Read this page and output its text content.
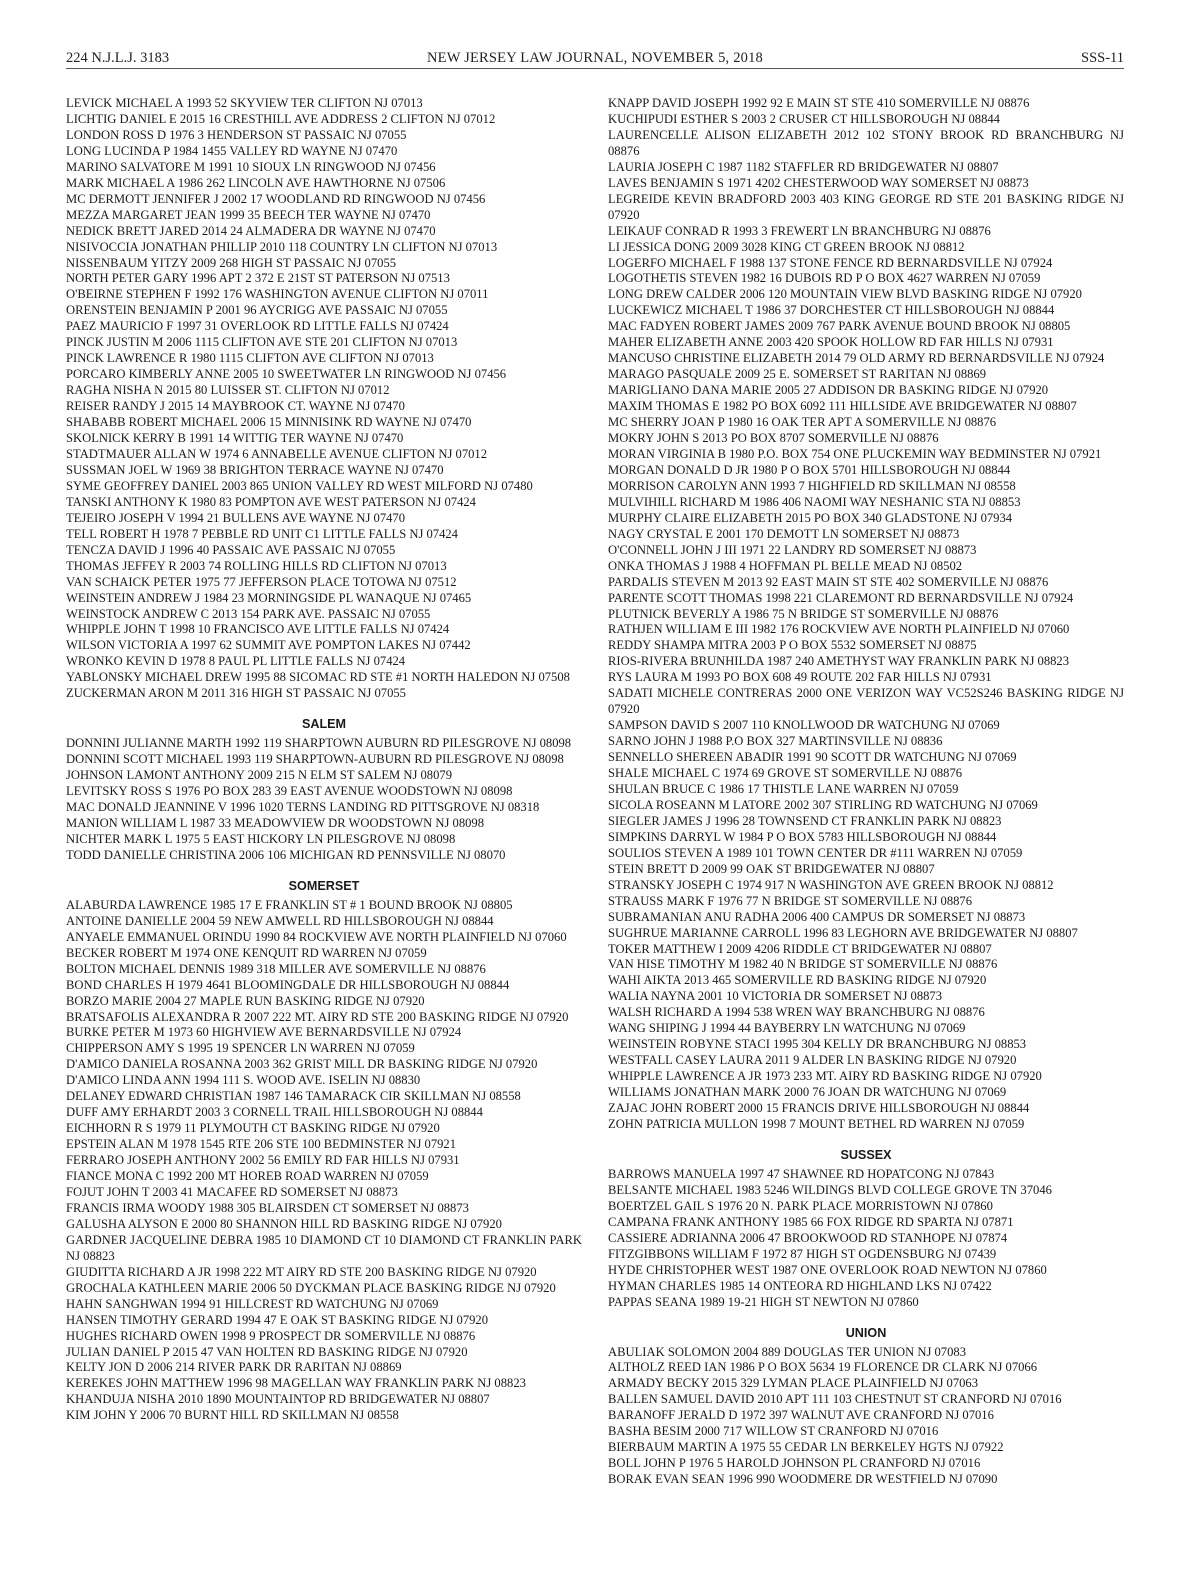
224 N.J.L.J. 3183	NEW JERSEY LAW JOURNAL, NOVEMBER 5, 2018	SSS-11
LEVICK MICHAEL A 1993 52 SKYVIEW TER CLIFTON NJ 07013
LICHTIG DANIEL E 2015 16 CRESTHILL AVE ADDRESS 2 CLIFTON NJ 07012
LONDON ROSS D 1976 3 HENDERSON ST PASSAIC NJ 07055
LONG LUCINDA P 1984 1455 VALLEY RD WAYNE NJ 07470
MARINO SALVATORE M 1991 10 SIOUX LN RINGWOOD NJ 07456
MARK MICHAEL A 1986 262 LINCOLN AVE HAWTHORNE NJ 07506
MC DERMOTT JENNIFER J 2002 17 WOODLAND RD RINGWOOD NJ 07456
MEZZA MARGARET JEAN 1999 35 BEECH TER WAYNE NJ 07470
NEDICK BRETT JARED 2014 24 ALMADERA DR WAYNE NJ 07470
NISIVOCCIA JONATHAN PHILLIP 2010 118 COUNTRY LN CLIFTON NJ 07013
NISSENBAUM YITZY 2009 268 HIGH ST PASSAIC NJ 07055
NORTH PETER GARY 1996 APT 2 372 E 21ST ST PATERSON NJ 07513
O'BEIRNE STEPHEN F 1992 176 WASHINGTON AVENUE CLIFTON NJ 07011
ORENSTEIN BENJAMIN P 2001 96 AYCRIGG AVE PASSAIC NJ 07055
PAEZ MAURICIO F 1997 31 OVERLOOK RD LITTLE FALLS NJ 07424
PINCK JUSTIN M 2006 1115 CLIFTON AVE STE 201 CLIFTON NJ 07013
PINCK LAWRENCE R 1980 1115 CLIFTON AVE CLIFTON NJ 07013
PORCARO KIMBERLY ANNE 2005 10 SWEETWATER LN RINGWOOD NJ 07456
RAGHA NISHA N 2015 80 LUISSER ST. CLIFTON NJ 07012
REISER RANDY J 2015 14 MAYBROOK CT. WAYNE NJ 07470
SHABABB ROBERT MICHAEL 2006 15 MINNISINK RD WAYNE NJ 07470
SKOLNICK KERRY B 1991 14 WITTIG TER WAYNE NJ 07470
STADTMAUER ALLAN W 1974 6 ANNABELLE AVENUE CLIFTON NJ 07012
SUSSMAN JOEL W 1969 38 BRIGHTON TERRACE WAYNE NJ 07470
SYME GEOFFREY DANIEL 2003 865 UNION VALLEY RD WEST MILFORD NJ 07480
TANSKI ANTHONY K 1980 83 POMPTON AVE WEST PATERSON NJ 07424
TEJEIRO JOSEPH V 1994 21 BULLENS AVE WAYNE NJ 07470
TELL ROBERT H 1978 7 PEBBLE RD UNIT C1 LITTLE FALLS NJ 07424
TENCZA DAVID J 1996 40 PASSAIC AVE PASSAIC NJ 07055
THOMAS JEFFEY R 2003 74 ROLLING HILLS RD CLIFTON NJ 07013
VAN SCHAICK PETER 1975 77 JEFFERSON PLACE TOTOWA NJ 07512
WEINSTEIN ANDREW J 1984 23 MORNINGSIDE PL WANAQUE NJ 07465
WEINSTOCK ANDREW C 2013 154 PARK AVE. PASSAIC NJ 07055
WHIPPLE JOHN T 1998 10 FRANCISCO AVE LITTLE FALLS NJ 07424
WILSON VICTORIA A 1997 62 SUMMIT AVE POMPTON LAKES NJ 07442
WRONKO KEVIN D 1978 8 PAUL PL LITTLE FALLS NJ 07424
YABLONSKY MICHAEL DREW 1995 88 SICOMAC RD STE #1 NORTH HALEDON NJ 07508
ZUCKERMAN ARON M 2011 316 HIGH ST PASSAIC NJ 07055
SALEM
DONNINI JULIANNE MARTH 1992 119 SHARPTOWN AUBURN RD PILESGROVE NJ 08098
DONNINI SCOTT MICHAEL 1993 119 SHARPTOWN-AUBURN RD PILESGROVE NJ 08098
JOHNSON LAMONT ANTHONY 2009 215 N ELM ST SALEM NJ 08079
LEVITSKY ROSS S 1976 PO BOX 283 39 EAST AVENUE WOODSTOWN NJ 08098
MAC DONALD JEANNINE V 1996 1020 TERNS LANDING RD PITTSGROVE NJ 08318
MANION WILLIAM L 1987 33 MEADOWVIEW DR WOODSTOWN NJ 08098
NICHTER MARK L 1975 5 EAST HICKORY LN PILESGROVE NJ 08098
TODD DANIELLE CHRISTINA 2006 106 MICHIGAN RD PENNSVILLE NJ 08070
SOMERSET
ALABURDA LAWRENCE 1985 17 E FRANKLIN ST # 1 BOUND BROOK NJ 08805
ANTOINE DANIELLE 2004 59 NEW AMWELL RD HILLSBOROUGH NJ 08844
ANYAELE EMMANUEL ORINDU 1990 84 ROCKVIEW AVE NORTH PLAINFIELD NJ 07060
BECKER ROBERT M 1974 ONE KENQUIT RD WARREN NJ 07059
BOLTON MICHAEL DENNIS 1989 318 MILLER AVE SOMERVILLE NJ 08876
BOND CHARLES H 1979 4641 BLOOMINGDALE DR HILLSBOROUGH NJ 08844
BORZO MARIE 2004 27 MAPLE RUN BASKING RIDGE NJ 07920
BRATSAFOLIS ALEXANDRA R 2007 222 MT. AIRY RD STE 200 BASKING RIDGE NJ 07920
BURKE PETER M 1973 60 HIGHVIEW AVE BERNARDSVILLE NJ 07924
CHIPPERSON AMY S 1995 19 SPENCER LN WARREN NJ 07059
D'AMICO DANIELA ROSANNA 2003 362 GRIST MILL DR BASKING RIDGE NJ 07920
D'AMICO LINDA ANN 1994 111 S. WOOD AVE. ISELIN NJ 08830
DELANEY EDWARD CHRISTIAN 1987 146 TAMARACK CIR SKILLMAN NJ 08558
DUFF AMY ERHARDT 2003 3 CORNELL TRAIL HILLSBOROUGH NJ 08844
EICHHORN R S 1979 11 PLYMOUTH CT BASKING RIDGE NJ 07920
EPSTEIN ALAN M 1978 1545 RTE 206 STE 100 BEDMINSTER NJ 07921
FERRARO JOSEPH ANTHONY 2002 56 EMILY RD FAR HILLS NJ 07931
FIANCE MONA C 1992 200 MT HOREB ROAD WARREN NJ 07059
FOJUT JOHN T 2003 41 MACAFEE RD SOMERSET NJ 08873
FRANCIS IRMA WOODY 1988 305 BLAIRSDEN CT SOMERSET NJ 08873
GALUSHA ALYSON E 2000 80 SHANNON HILL RD BASKING RIDGE NJ 07920
GARDNER JACQUELINE DEBRA 1985 10 DIAMOND CT 10 DIAMOND CT FRANKLIN PARK NJ 08823
GIUDITTA RICHARD A JR 1998 222 MT AIRY RD STE 200 BASKING RIDGE NJ 07920
GROCHALA KATHLEEN MARIE 2006 50 DYCKMAN PLACE BASKING RIDGE NJ 07920
HAHN SANGHWAN 1994 91 HILLCREST RD WATCHUNG NJ 07069
HANSEN TIMOTHY GERARD 1994 47 E OAK ST BASKING RIDGE NJ 07920
HUGHES RICHARD OWEN 1998 9 PROSPECT DR SOMERVILLE NJ 08876
JULIAN DANIEL P 2015 47 VAN HOLTEN RD BASKING RIDGE NJ 07920
KELTY JON D 2006 214 RIVER PARK DR RARITAN NJ 08869
KEREKES JOHN MATTHEW 1996 98 MAGELLAN WAY FRANKLIN PARK NJ 08823
KHANDUJA NISHA 2010 1890 MOUNTAINTOP RD BRIDGEWATER NJ 08807
KIM JOHN Y 2006 70 BURNT HILL RD SKILLMAN NJ 08558
KNAPP DAVID JOSEPH 1992 92 E MAIN ST STE 410 SOMERVILLE NJ 08876
KUCHIPUDI ESTHER S 2003 2 CRUSER CT HILLSBOROUGH NJ 08844
LAURENCELLE ALISON ELIZABETH 2012 102 STONY BROOK RD BRANCHBURG NJ 08876
LAURIA JOSEPH C 1987 1182 STAFFLER RD BRIDGEWATER NJ 08807
LAVES BENJAMIN S 1971 4202 CHESTERWOOD WAY SOMERSET NJ 08873
LEGREIDE KEVIN BRADFORD 2003 403 KING GEORGE RD STE 201 BASKING RIDGE NJ 07920
LEIKAUF CONRAD R 1993 3 FREWERT LN BRANCHBURG NJ 08876
LI JESSICA DONG 2009 3028 KING CT GREEN BROOK NJ 08812
LOGERFO MICHAEL F 1988 137 STONE FENCE RD BERNARDSVILLE NJ 07924
LOGOTHETIS STEVEN 1982 16 DUBOIS RD P O BOX 4627 WARREN NJ 07059
LONG DREW CALDER 2006 120 MOUNTAIN VIEW BLVD BASKING RIDGE NJ 07920
LUCKEWICZ MICHAEL T 1986 37 DORCHESTER CT HILLSBOROUGH NJ 08844
MAC FADYEN ROBERT JAMES 2009 767 PARK AVENUE BOUND BROOK NJ 08805
MAHER ELIZABETH ANNE 2003 420 SPOOK HOLLOW RD FAR HILLS NJ 07931
MANCUSO CHRISTINE ELIZABETH 2014 79 OLD ARMY RD BERNARDSVILLE NJ 07924
MARAGO PASQUALE 2009 25 E. SOMERSET ST RARITAN NJ 08869
MARIGLIANO DANA MARIE 2005 27 ADDISON DR BASKING RIDGE NJ 07920
MAXIM THOMAS E 1982 PO BOX 6092 111 HILLSIDE AVE BRIDGEWATER NJ 08807
MC SHERRY JOAN P 1980 16 OAK TER APT A SOMERVILLE NJ 08876
MOKRY JOHN S 2013 PO BOX 8707 SOMERVILLE NJ 08876
MORAN VIRGINIA B 1980 P.O. BOX 754 ONE PLUCKEMIN WAY BEDMINSTER NJ 07921
MORGAN DONALD D JR 1980 P O BOX 5701 HILLSBOROUGH NJ 08844
MORRISON CAROLYN ANN 1993 7 HIGHFIELD RD SKILLMAN NJ 08558
MULVIHILL RICHARD M 1986 406 NAOMI WAY NESHANIC STA NJ 08853
MURPHY CLAIRE ELIZABETH 2015 PO BOX 340 GLADSTONE NJ 07934
NAGY CRYSTAL E 2001 170 DEMOTT LN SOMERSET NJ 08873
O'CONNELL JOHN J III 1971 22 LANDRY RD SOMERSET NJ 08873
ONKA THOMAS J 1988 4 HOFFMAN PL BELLE MEAD NJ 08502
PARDALIS STEVEN M 2013 92 EAST MAIN ST STE 402 SOMERVILLE NJ 08876
PARENTE SCOTT THOMAS 1998 221 CLAREMONT RD BERNARDSVILLE NJ 07924
PLUTNICK BEVERLY A 1986 75 N BRIDGE ST SOMERVILLE NJ 08876
RATHJEN WILLIAM E III 1982 176 ROCKVIEW AVE NORTH PLAINFIELD NJ 07060
REDDY SHAMPA MITRA 2003 P O BOX 5532 SOMERSET NJ 08875
RIOS-RIVERA BRUNHILDA 1987 240 AMETHYST WAY FRANKLIN PARK NJ 08823
RYS LAURA M 1993 PO BOX 608 49 ROUTE 202 FAR HILLS NJ 07931
SADATI MICHELE CONTRERAS 2000 ONE VERIZON WAY VC52S246 BASKING RIDGE NJ 07920
SAMPSON DAVID S 2007 110 KNOLLWOOD DR WATCHUNG NJ 07069
SARNO JOHN J 1988 P.O BOX 327 MARTINSVILLE NJ 08836
SENNELLO SHEREEN ABADIR 1991 90 SCOTT DR WATCHUNG NJ 07069
SHALE MICHAEL C 1974 69 GROVE ST SOMERVILLE NJ 08876
SHULAN BRUCE C 1986 17 THISTLE LANE WARREN NJ 07059
SICOLA ROSEANN M LATORE 2002 307 STIRLING RD WATCHUNG NJ 07069
SIEGLER JAMES J 1996 28 TOWNSEND CT FRANKLIN PARK NJ 08823
SIMPKINS DARRYL W 1984 P O BOX 5783 HILLSBOROUGH NJ 08844
SOULIOS STEVEN A 1989 101 TOWN CENTER DR #111 WARREN NJ 07059
STEIN BRETT D 2009 99 OAK ST BRIDGEWATER NJ 08807
STRANSKY JOSEPH C 1974 917 N WASHINGTON AVE GREEN BROOK NJ 08812
STRAUSS MARK F 1976 77 N BRIDGE ST SOMERVILLE NJ 08876
SUBRAMANIAN ANU RADHA 2006 400 CAMPUS DR SOMERSET NJ 08873
SUGHRUE MARIANNE CARROLL 1996 83 LEGHORN AVE BRIDGEWATER NJ 08807
TOKER MATTHEW I 2009 4206 RIDDLE CT BRIDGEWATER NJ 08807
VAN HISE TIMOTHY M 1982 40 N BRIDGE ST SOMERVILLE NJ 08876
WAHI AIKTA 2013 465 SOMERVILLE RD BASKING RIDGE NJ 07920
WALIA NAYNA 2001 10 VICTORIA DR SOMERSET NJ 08873
WALSH RICHARD A 1994 538 WREN WAY BRANCHBURG NJ 08876
WANG SHIPING J 1994 44 BAYBERRY LN WATCHUNG NJ 07069
WEINSTEIN ROBYNE STACI 1995 304 KELLY DR BRANCHBURG NJ 08853
WESTFALL CASEY LAURA 2011 9 ALDER LN BASKING RIDGE NJ 07920
WHIPPLE LAWRENCE A JR 1973 233 MT. AIRY RD BASKING RIDGE NJ 07920
WILLIAMS JONATHAN MARK 2000 76 JOAN DR WATCHUNG NJ 07069
ZAJAC JOHN ROBERT 2000 15 FRANCIS DRIVE HILLSBOROUGH NJ 08844
ZOHN PATRICIA MULLON 1998 7 MOUNT BETHEL RD WARREN NJ 07059
SUSSEX
BARROWS MANUELA 1997 47 SHAWNEE RD HOPATCONG NJ 07843
BELSANTE MICHAEL 1983 5246 WILDINGS BLVD COLLEGE GROVE TN 37046
BOERTZEL GAIL S 1976 20 N. PARK PLACE MORRISTOWN NJ 07860
CAMPANA FRANK ANTHONY 1985 66 FOX RIDGE RD SPARTA NJ 07871
CASSIERE ADRIANNA 2006 47 BROOKWOOD RD STANHOPE NJ 07874
FITZGIBBONS WILLIAM F 1972 87 HIGH ST OGDENSBURG NJ 07439
HYDE CHRISTOPHER WEST 1987 ONE OVERLOOK ROAD NEWTON NJ 07860
HYMAN CHARLES 1985 14 ONTEORA RD HIGHLAND LKS NJ 07422
PAPPAS SEANA 1989 19-21 HIGH ST NEWTON NJ 07860
UNION
ABULIAK SOLOMON 2004 889 DOUGLAS TER UNION NJ 07083
ALTHOLZ REED IAN 1986 P O BOX 5634 19 FLORENCE DR CLARK NJ 07066
ARMADY BECKY 2015 329 LYMAN PLACE PLAINFIELD NJ 07063
BALLEN SAMUEL DAVID 2010 APT 111 103 CHESTNUT ST CRANFORD NJ 07016
BARANOFF JERALD D 1972 397 WALNUT AVE CRANFORD NJ 07016
BASHA BESIM 2000 717 WILLOW ST CRANFORD NJ 07016
BIERBAUM MARTIN A 1975 55 CEDAR LN BERKELEY HGTS NJ 07922
BOLL JOHN P 1976 5 HAROLD JOHNSON PL CRANFORD NJ 07016
BORAK EVAN SEAN 1996 990 WOODMERE DR WESTFIELD NJ 07090
